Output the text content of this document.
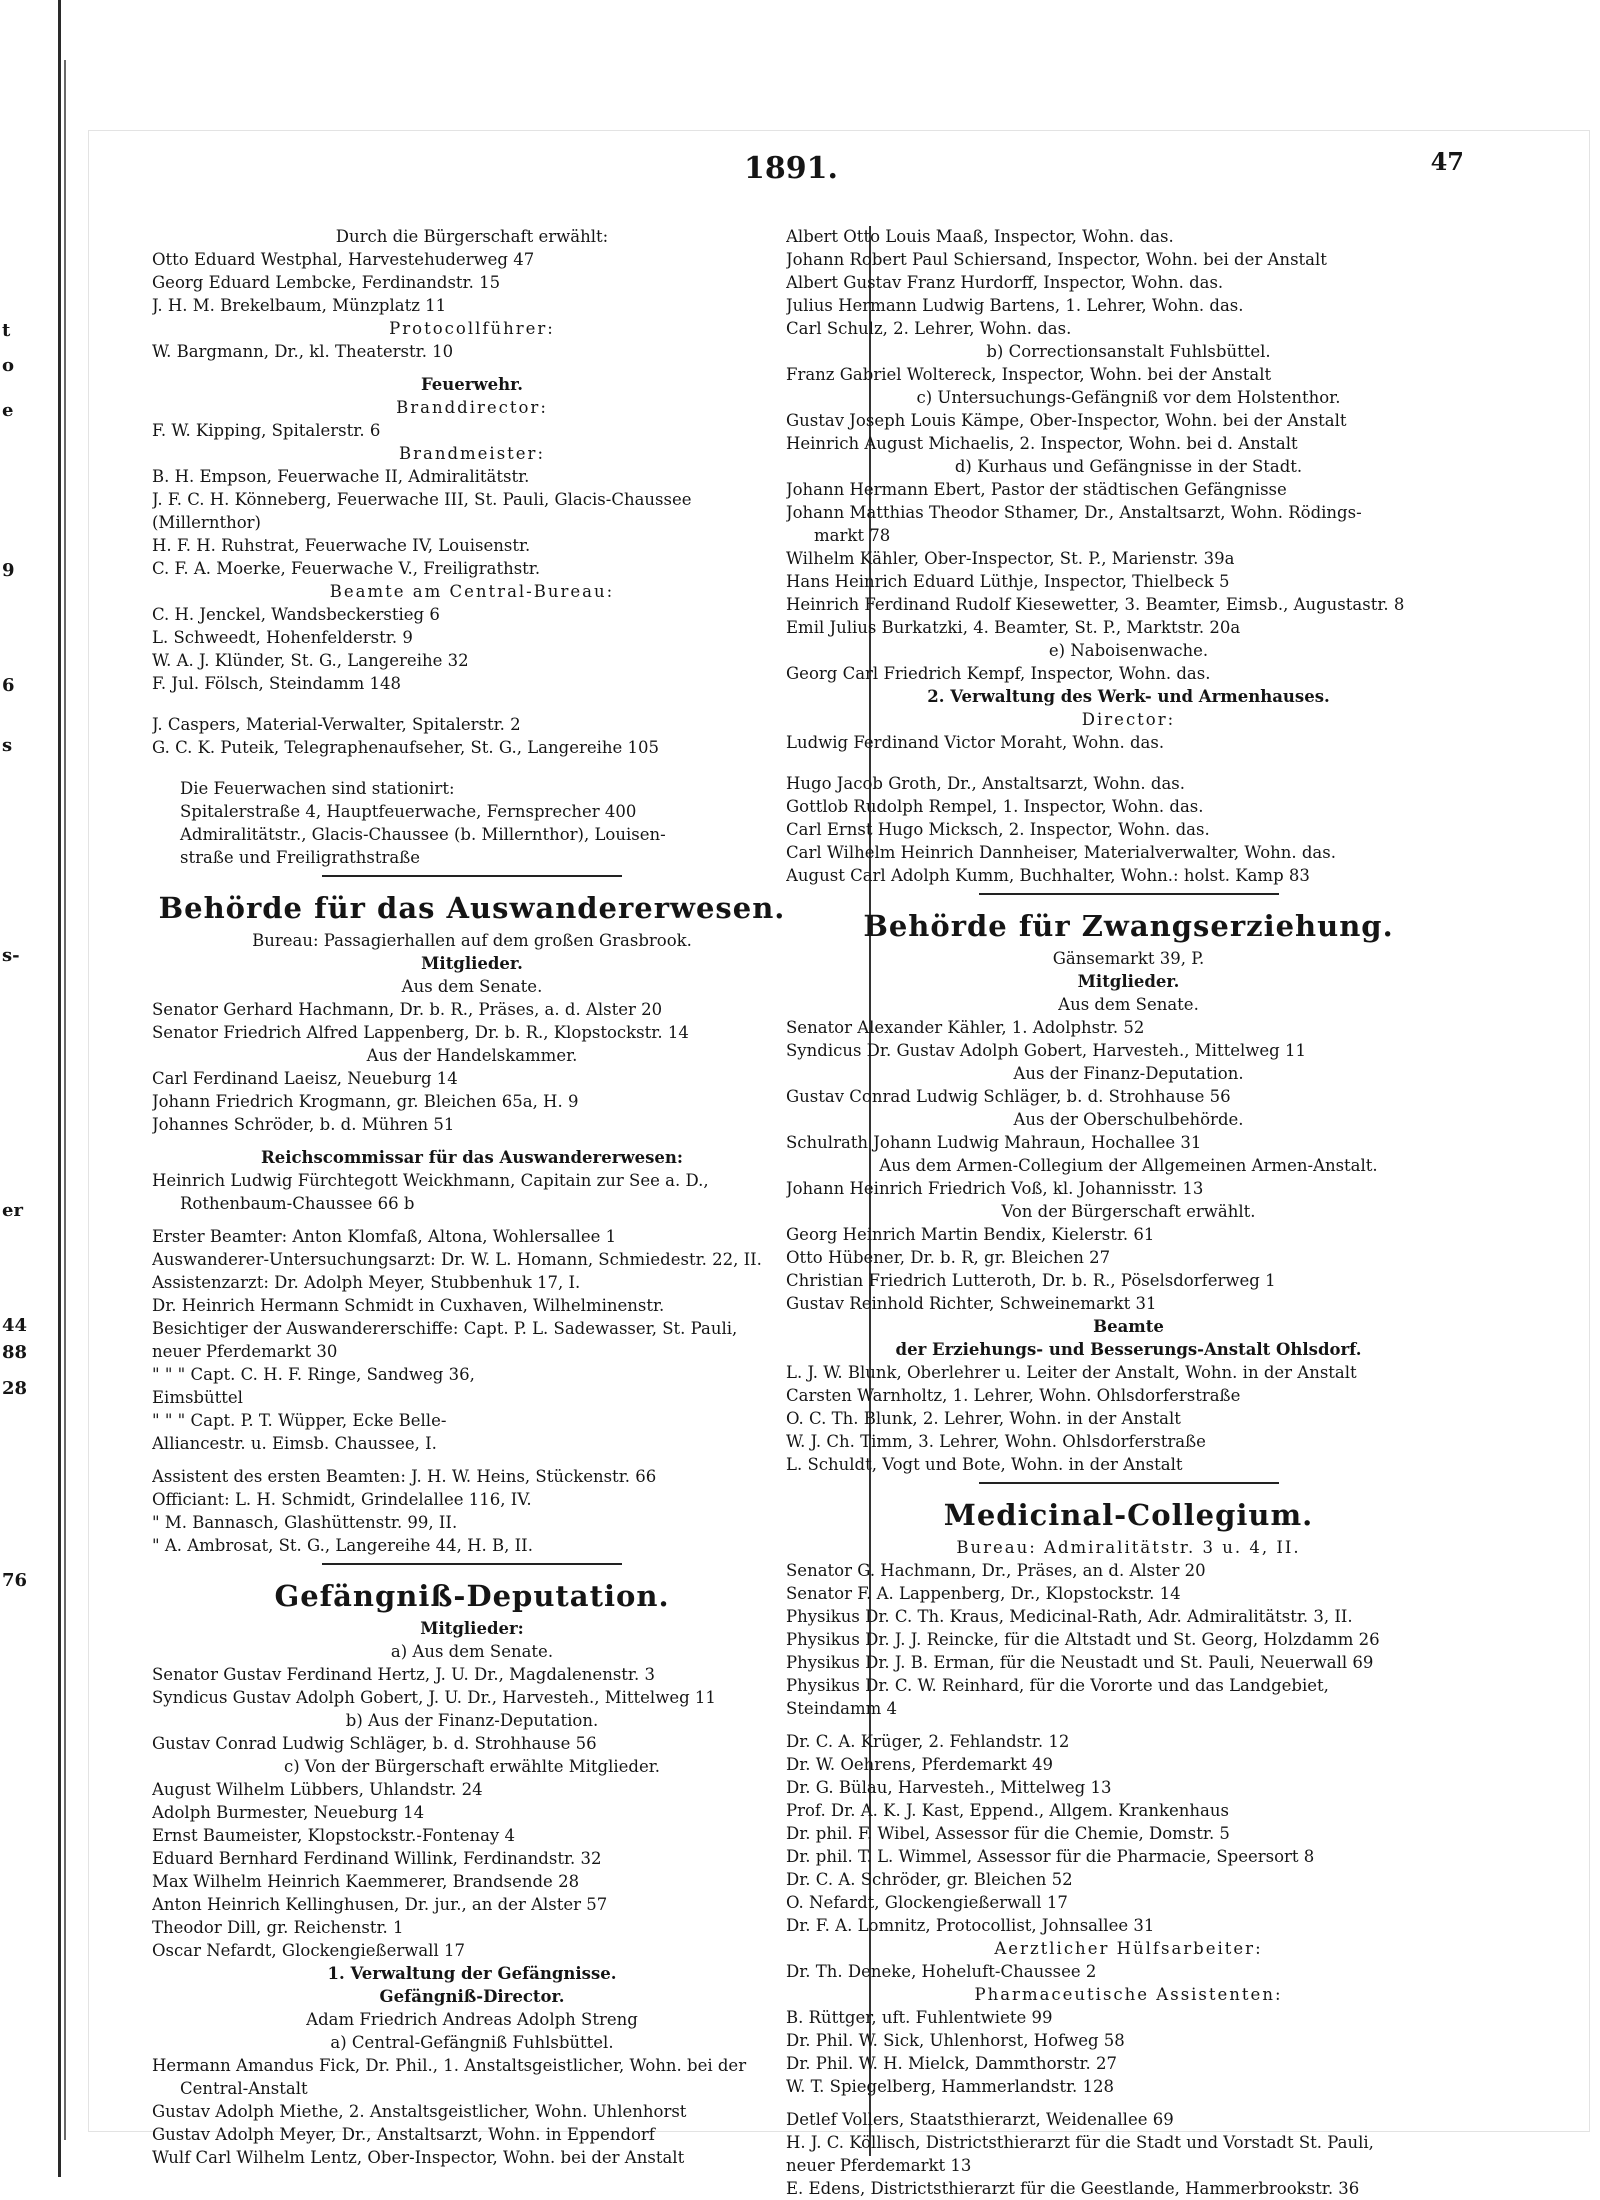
t
o
e
9
6
s
s-
er
44
88
28
76
1891.	47
Durch die Bürgerschaft erwählt:
Otto Eduard Westphal, Harvestehuderweg 47
Georg Eduard Lembcke, Ferdinandstr. 15
J. H. M. Brekelbaum, Münzplatz 11
Protocollführer:
W. Bargmann, Dr., kl. Theaterstr. 10
Feuerwehr.
Branddirector:
F. W. Kipping, Spitalerstr. 6
Brandmeister:
B. H. Empson, Feuerwache II, Admiralitätstr.
J. F. C. H. Könneberg, Feuerwache III, St. Pauli, Glacis-Chaussee
(Millernthor)
H. F. H. Ruhstrat, Feuerwache IV, Louisenstr.
C. F. A. Moerke, Feuerwache V., Freiligrathstr.
Beamte am Central-Bureau:
C. H. Jenckel, Wandsbeckerstieg 6
L. Schweedt, Hohenfelderstr. 9
W. A. J. Klünder, St. G., Langereihe 32
F. Jul. Fölsch, Steindamm 148
J. Caspers, Material-Verwalter, Spitalerstr. 2
G. C. K. Puteik, Telegraphenaufseher, St. G., Langereihe 105
Die Feuerwachen sind stationirt:
Spitalerstraße 4, Hauptfeuerwache, Fernsprecher 400
Admiralitätstr., Glacis-Chaussee (b. Millernthor), Louisen-
straße und Freiligrathstraße
Behörde für das Auswandererwesen.
Bureau: Passagierhallen auf dem großen Grasbrook.
Mitglieder.
Aus dem Senate.
Senator Gerhard Hachmann, Dr. b. R., Präses, a. d. Alster 20
Senator Friedrich Alfred Lappenberg, Dr. b. R., Klopstockstr. 14
Aus der Handelskammer.
Carl Ferdinand Laeisz, Neueburg 14
Johann Friedrich Krogmann, gr. Bleichen 65a, H. 9
Johannes Schröder, b. d. Mühren 51
Reichscommissar für das Auswandererwesen:
Heinrich Ludwig Fürchtegott Weickhmann, Capitain zur See a. D.,
Rothenbaum-Chaussee 66 b
Erster Beamter: Anton Klomfaß, Altona, Wohlersallee 1
Auswanderer-Untersuchungsarzt: Dr. W. L. Homann, Schmiedestr. 22, II.
Assistenzarzt: Dr. Adolph Meyer, Stubbenhuk 17, I.
Dr. Heinrich Hermann Schmidt in Cuxhaven, Wilhelminenstr.
Besichtiger der Auswandererschiffe: Capt. P. L. Sadewasser, St. Pauli,
neuer Pferdemarkt 30
" " " Capt. C. H. F. Ringe, Sandweg 36,
Eimsbüttel
" " " Capt. P. T. Wüpper, Ecke Belle-
Alliancestr. u. Eimsb. Chaussee, I.
Assistent des ersten Beamten: J. H. W. Heins, Stückenstr. 66
Officiant: L. H. Schmidt, Grindelallee 116, IV.
" M. Bannasch, Glashüttenstr. 99, II.
" A. Ambrosat, St. G., Langereihe 44, H. B, II.
Gefängniß-Deputation.
Mitglieder:
a) Aus dem Senate.
Senator Gustav Ferdinand Hertz, J. U. Dr., Magdalenenstr. 3
Syndicus Gustav Adolph Gobert, J. U. Dr., Harvesteh., Mittelweg 11
b) Aus der Finanz-Deputation.
Gustav Conrad Ludwig Schläger, b. d. Strohhause 56
c) Von der Bürgerschaft erwählte Mitglieder.
August Wilhelm Lübbers, Uhlandstr. 24
Adolph Burmester, Neueburg 14
Ernst Baumeister, Klopstockstr.-Fontenay 4
Eduard Bernhard Ferdinand Willink, Ferdinandstr. 32
Max Wilhelm Heinrich Kaemmerer, Brandsende 28
Anton Heinrich Kellinghusen, Dr. jur., an der Alster 57
Theodor Dill, gr. Reichenstr. 1
Oscar Nefardt, Glockengießerwall 17
1. Verwaltung der Gefängnisse.
Gefängniß-Director.
Adam Friedrich Andreas Adolph Streng
a) Central-Gefängniß Fuhlsbüttel.
Hermann Amandus Fick, Dr. Phil., 1. Anstaltsgeistlicher, Wohn. bei der
Central-Anstalt
Gustav Adolph Miethe, 2. Anstaltsgeistlicher, Wohn. Uhlenhorst
Gustav Adolph Meyer, Dr., Anstaltsarzt, Wohn. in Eppendorf
Wulf Carl Wilhelm Lentz, Ober-Inspector, Wohn. bei der Anstalt
Albert Otto Louis Maaß, Inspector, Wohn. das.
Johann Robert Paul Schiersand, Inspector, Wohn. bei der Anstalt
Albert Gustav Franz Hurdorff, Inspector, Wohn. das.
Julius Hermann Ludwig Bartens, 1. Lehrer, Wohn. das.
Carl Schulz, 2. Lehrer, Wohn. das.
b) Correctionsanstalt Fuhlsbüttel.
Franz Gabriel Woltereck, Inspector, Wohn. bei der Anstalt
c) Untersuchungs-Gefängniß vor dem Holstenthor.
Gustav Joseph Louis Kämpe, Ober-Inspector, Wohn. bei der Anstalt
Heinrich August Michaelis, 2. Inspector, Wohn. bei d. Anstalt
d) Kurhaus und Gefängnisse in der Stadt.
Johann Hermann Ebert, Pastor der städtischen Gefängnisse
Johann Matthias Theodor Sthamer, Dr., Anstaltsarzt, Wohn. Rödings-
markt 78
Wilhelm Kähler, Ober-Inspector, St. P., Marienstr. 39a
Hans Heinrich Eduard Lüthje, Inspector, Thielbeck 5
Heinrich Ferdinand Rudolf Kiesewetter, 3. Beamter, Eimsb., Augustastr. 8
Emil Julius Burkatzki, 4. Beamter, St. P., Marktstr. 20a
e) Naboisenwache.
Georg Carl Friedrich Kempf, Inspector, Wohn. das.
2. Verwaltung des Werk- und Armenhauses.
Director:
Ludwig Ferdinand Victor Moraht, Wohn. das.
Hugo Jacob Groth, Dr., Anstaltsarzt, Wohn. das.
Gottlob Rudolph Rempel, 1. Inspector, Wohn. das.
Carl Ernst Hugo Micksch, 2. Inspector, Wohn. das.
Carl Wilhelm Heinrich Dannheiser, Materialverwalter, Wohn. das.
August Carl Adolph Kumm, Buchhalter, Wohn.: holst. Kamp 83
Behörde für Zwangserziehung.
Gänsemarkt 39, P.
Mitglieder.
Aus dem Senate.
Senator Alexander Kähler, 1. Adolphstr. 52
Syndicus Dr. Gustav Adolph Gobert, Harvesteh., Mittelweg 11
Aus der Finanz-Deputation.
Gustav Conrad Ludwig Schläger, b. d. Strohhause 56
Aus der Oberschulbehörde.
Schulrath Johann Ludwig Mahraun, Hochallee 31
Aus dem Armen-Collegium der Allgemeinen Armen-Anstalt.
Johann Heinrich Friedrich Voß, kl. Johannisstr. 13
Von der Bürgerschaft erwählt.
Georg Heinrich Martin Bendix, Kielerstr. 61
Otto Hübener, Dr. b. R, gr. Bleichen 27
Christian Friedrich Lutteroth, Dr. b. R., Pöselsdorferweg 1
Gustav Reinhold Richter, Schweinemarkt 31
Beamte
der Erziehungs- und Besserungs-Anstalt Ohlsdorf.
L. J. W. Blunk, Oberlehrer u. Leiter der Anstalt, Wohn. in der Anstalt
Carsten Warnholtz, 1. Lehrer, Wohn. Ohlsdorferstraße
O. C. Th. Blunk, 2. Lehrer, Wohn. in der Anstalt
W. J. Ch. Timm, 3. Lehrer, Wohn. Ohlsdorferstraße
L. Schuldt, Vogt und Bote, Wohn. in der Anstalt
Medicinal-Collegium.
Bureau: Admiralitätstr. 3 u. 4, II.
Senator G. Hachmann, Dr., Präses, an d. Alster 20
Senator F. A. Lappenberg, Dr., Klopstockstr. 14
Physikus Dr. C. Th. Kraus, Medicinal-Rath, Adr. Admiralitätstr. 3, II.
Physikus Dr. J. J. Reincke, für die Altstadt und St. Georg, Holzdamm 26
Physikus Dr. J. B. Erman, für die Neustadt und St. Pauli, Neuerwall 69
Physikus Dr. C. W. Reinhard, für die Vororte und das Landgebiet,
Steindamm 4
Dr. C. A. Krüger, 2. Fehlandstr. 12
Dr. W. Oehrens, Pferdemarkt 49
Dr. G. Bülau, Harvesteh., Mittelweg 13
Prof. Dr. A. K. J. Kast, Eppend., Allgem. Krankenhaus
Dr. phil. F. Wibel, Assessor für die Chemie, Domstr. 5
Dr. phil. T. L. Wimmel, Assessor für die Pharmacie, Speersort 8
Dr. C. A. Schröder, gr. Bleichen 52
O. Nefardt, Glockengießerwall 17
Dr. F. A. Lomnitz, Protocollist, Johnsallee 31
Aerztlicher Hülfsarbeiter:
Dr. Th. Deneke, Hoheluft-Chaussee 2
Pharmaceutische Assistenten:
B. Rüttger, uft. Fuhlentwiete 99
Dr. Phil. W. Sick, Uhlenhorst, Hofweg 58
Dr. Phil. W. H. Mielck, Dammthorstr. 27
W. T. Spiegelberg, Hammerlandstr. 128
Detlef Vollers, Staatsthierarzt, Weidenallee 69
H. J. C. Köllisch, Districtsthierarzt für die Stadt und Vorstadt St. Pauli,
neuer Pferdemarkt 13
E. Edens, Districtsthierarzt für die Geestlande, Hammerbrookstr. 36
